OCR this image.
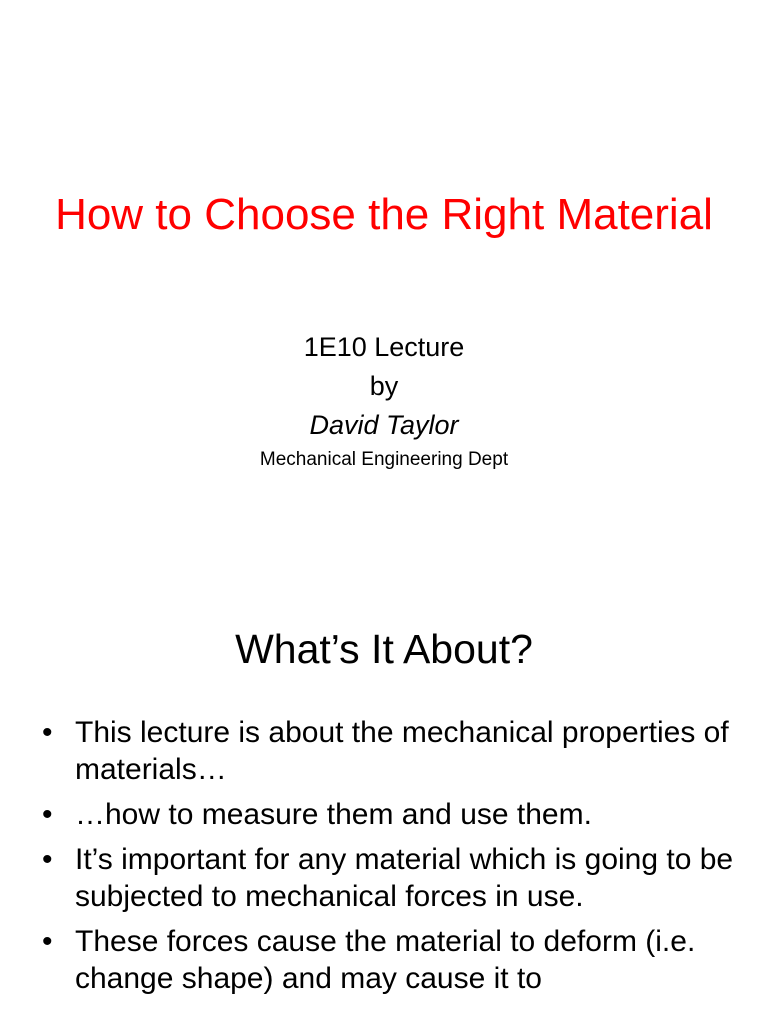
How to Choose the Right Material
1E10 Lecture
by
David Taylor
Mechanical Engineering Dept
What’s It About?
• This lecture is about the mechanical properties of materials…
• …how to measure them and use them.
• It’s important for any material which is going to be subjected to mechanical forces in use.
• These forces cause the material to deform (i.e. change shape) and may cause it to
